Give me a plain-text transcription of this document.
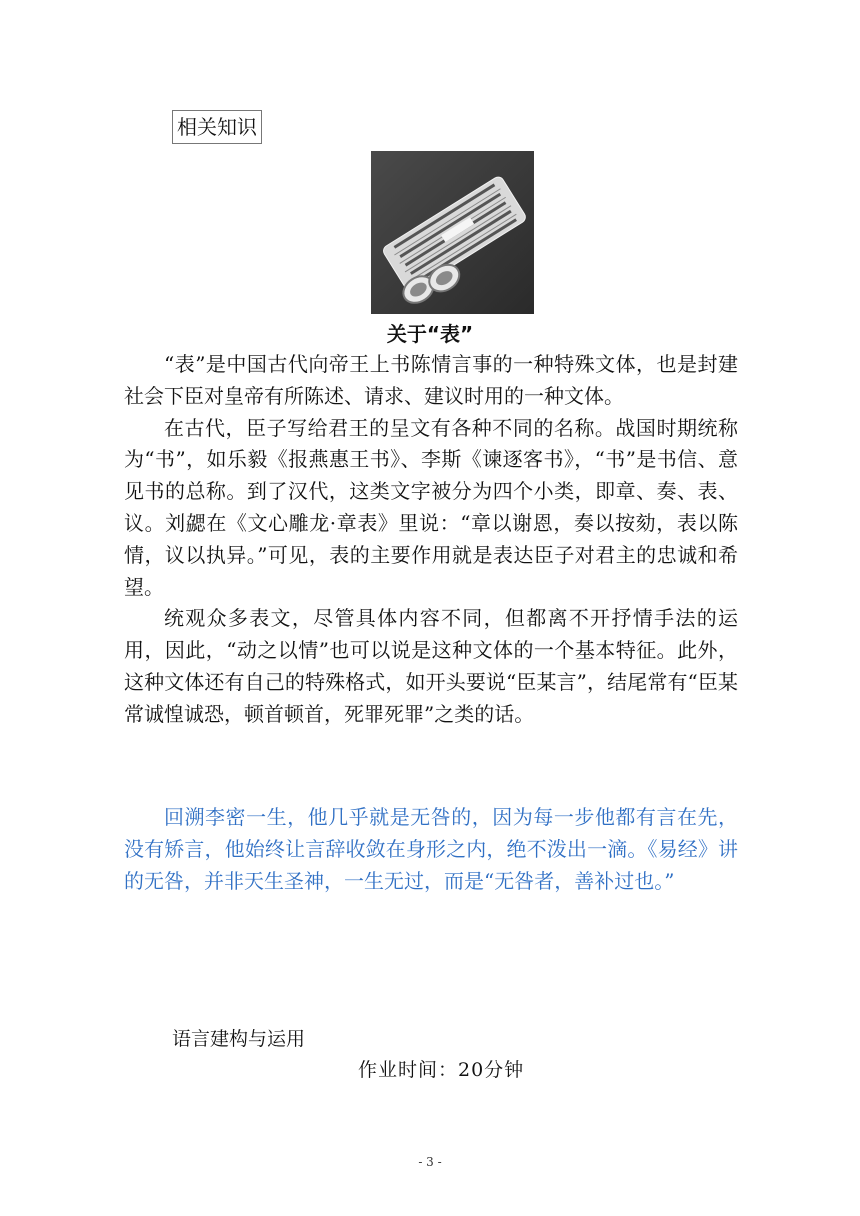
相关知识
关于“表”

“表”是中国古代向帝王上书陈情言事的一种特殊文体，也是封建社会下臣对皇帝有所陈述、请求、建议时用的一种文体。

在古代，臣子写给君王的呈文有各种不同的名称。战国时期统称为“书”，如乐毅《报燕惠王书》、李斯《谏逐客书》，“书”是书信、意见书的总称。到了汉代，这类文字被分为四个小类，即章、奏、表、议。刘勰在《文心雕龙·章表》里说：“章以谢恩，奏以按劾，表以陈情，议以执异。”可见，表的主要作用就是表达臣子对君主的忠诚和希望。

统观众多表文，尽管具体内容不同，但都离不开抒情手法的运用，因此，“动之以情”也可以说是这种文体的一个基本特征。此外，这种文体还有自己的特殊格式，如开头要说“臣某言”，结尾常有“臣某常诚惶诚恐，顿首顿首，死罪死罪”之类的话。

回溯李密一生，他几乎就是无咎的，因为每一步他都有言在先，没有矫言，他始终让言辞收敛在身形之内，绝不泼出一滴。《易经》讲的无咎，并非天生圣神，一生无过，而是“无咎者，善补过也。”

语言建构与运用
作业时间：20分钟
- 3 -
